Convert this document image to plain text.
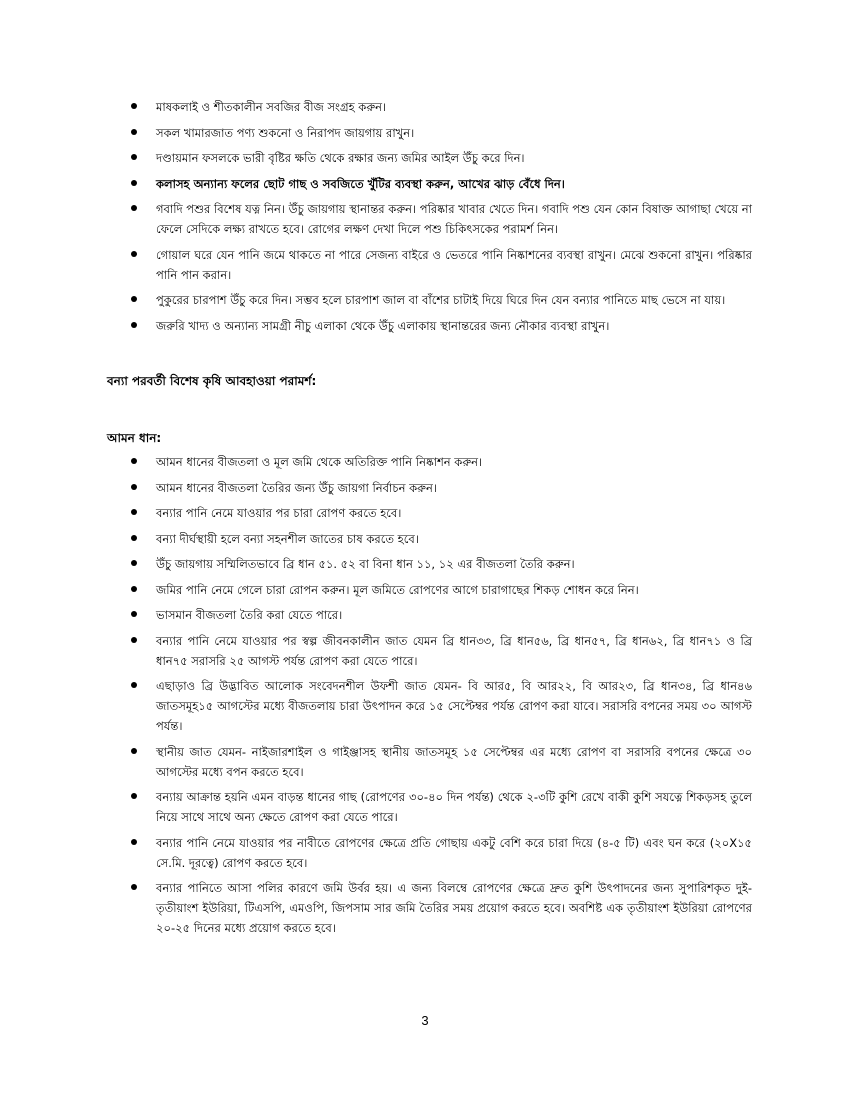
মাষকলাই ও শীতকালীন সবজির বীজ সংগ্রহ করুন।
সকল খামারজাত পণ্য শুকনো ও নিরাপদ জায়গায় রাখুন।
দণ্ডায়মান ফসলকে ভারী বৃষ্টির ক্ষতি থেকে রক্ষার জন্য জমির আইল উঁচু করে দিন।
কলাসহ অন্যান্য ফলের ছোট গাছ ও সবজিতে খুঁটির ব্যবস্থা করুন, আখের ঝাড় বেঁধে দিন।
গবাদি পশুর বিশেষ যত্ন নিন। উঁচু জায়গায় স্থানান্তর করুন। পরিষ্কার খাবার খেতে দিন। গবাদি পশু যেন কোন বিষাক্ত আগাছা খেয়ে না ফেলে সেদিকে লক্ষ্য রাখতে হবে। রোগের লক্ষণ দেখা দিলে পশু চিকিৎসকের পরামর্শ নিন।
গোয়াল ঘরে যেন পানি জমে থাকতে না পারে সেজন্য বাইরে ও ভেতরে পানি নিষ্কাশনের ব্যবস্থা রাখুন। মেঝে শুকনো রাখুন। পরিষ্কার পানি পান করান।
পুকুরের চারপাশ উঁচু করে দিন। সম্ভব হলে চারপাশ জাল বা বাঁশের চাটাই দিয়ে ঘিরে দিন যেন বন্যার পানিতে মাছ ভেসে না যায়।
জরুরি খাদ্য ও অন্যান্য সামগ্রী নীচু এলাকা থেকে উঁচু এলাকায় স্থানান্তরের জন্য নৌকার ব্যবস্থা রাখুন।
বন্যা পরবর্তী বিশেষ কৃষি আবহাওয়া পরামর্শ:
আমন ধান:
আমন ধানের বীজতলা ও মূল জমি থেকে অতিরিক্ত পানি নিষ্কাশন করুন।
আমন ধানের বীজতলা তৈরির জন্য উঁচু জায়গা নির্বাচন করুন।
বন্যার পানি নেমে যাওয়ার পর চারা রোপণ করতে হবে।
বন্যা দীর্ঘস্থায়ী হলে বন্যা সহনশীল জাতের চাষ করতে হবে।
উঁচু জায়গায় সম্মিলিতভাবে ব্রি ধান ৫১. ৫২ বা বিনা ধান ১১, ১২ এর বীজতলা তৈরি করুন।
জমির পানি নেমে গেলে চারা রোপন করুন। মূল জমিতে রোপণের আগে চারাগাছের শিকড় শোধন করে নিন।
ভাসমান বীজতলা তৈরি করা যেতে পারে।
বন্যার পানি নেমে যাওয়ার পর স্বল্প জীবনকালীন জাত যেমন ব্রি ধান৩৩, ব্রি ধান৫৬, ব্রি ধান৫৭, ব্রি ধান৬২, ব্রি ধান৭১ ও ব্রি ধান৭৫ সরাসরি ২৫ আগস্ট পর্যন্ত রোপণ করা যেতে পারে।
এছাড়াও ব্রি উদ্ভাবিত আলোক সংবেদনশীল উফশী জাত যেমন- বি আর৫, বি আর২২, বি আর২৩, ব্রি ধান৩৪, ব্রি ধান৪৬ জাতসমূহ১৫ আগস্টের মধ্যে বীজতলায় চারা উৎপাদন করে ১৫ সেপ্টেম্বর পর্যন্ত রোপণ করা যাবে। সরাসরি বপনের সময় ৩০ আগস্ট পর্যন্ত।
স্থানীয় জাত যেমন- নাইজারশাইল ও গাইঞ্জাসহ স্থানীয় জাতসমূহ ১৫ সেপ্টেম্বর এর মধ্যে রোপণ বা সরাসরি বপনের ক্ষেত্রে ৩০ আগস্টের মধ্যে বপন করতে হবে।
বন্যায় আক্রান্ত হয়নি এমন বাড়ন্ত ধানের গাছ (রোপণের ৩০-৪০ দিন পর্যন্ত) থেকে ২-৩টি কুশি রেখে বাকী কুশি সযত্নে শিকড়সহ তুলে নিয়ে সাথে সাথে অন্য ক্ষেতে রোপণ করা যেতে পারে।
বন্যার পানি নেমে যাওয়ার পর নাবীতে রোপণের ক্ষেত্রে প্রতি গোছায় একটু বেশি করে চারা দিয়ে (৪-৫ টি) এবং ঘন করে (২০X১৫ সে.মি. দূরত্বে) রোপণ করতে হবে।
বন্যার পানিতে আসা পলির কারণে জমি উর্বর হয়। এ জন্য বিলম্বে রোপণের ক্ষেত্রে দ্রুত কুশি উৎপাদনের জন্য সুপারিশকৃত দুই-তৃতীয়াংশ ইউরিয়া, টিএসপি, এমওপি, জিপসাম সার জমি তৈরির সময় প্রয়োগ করতে হবে। অবশিষ্ট এক তৃতীয়াংশ ইউরিয়া রোপণের ২০-২৫ দিনের মধ্যে প্রয়োগ করতে হবে।
3
